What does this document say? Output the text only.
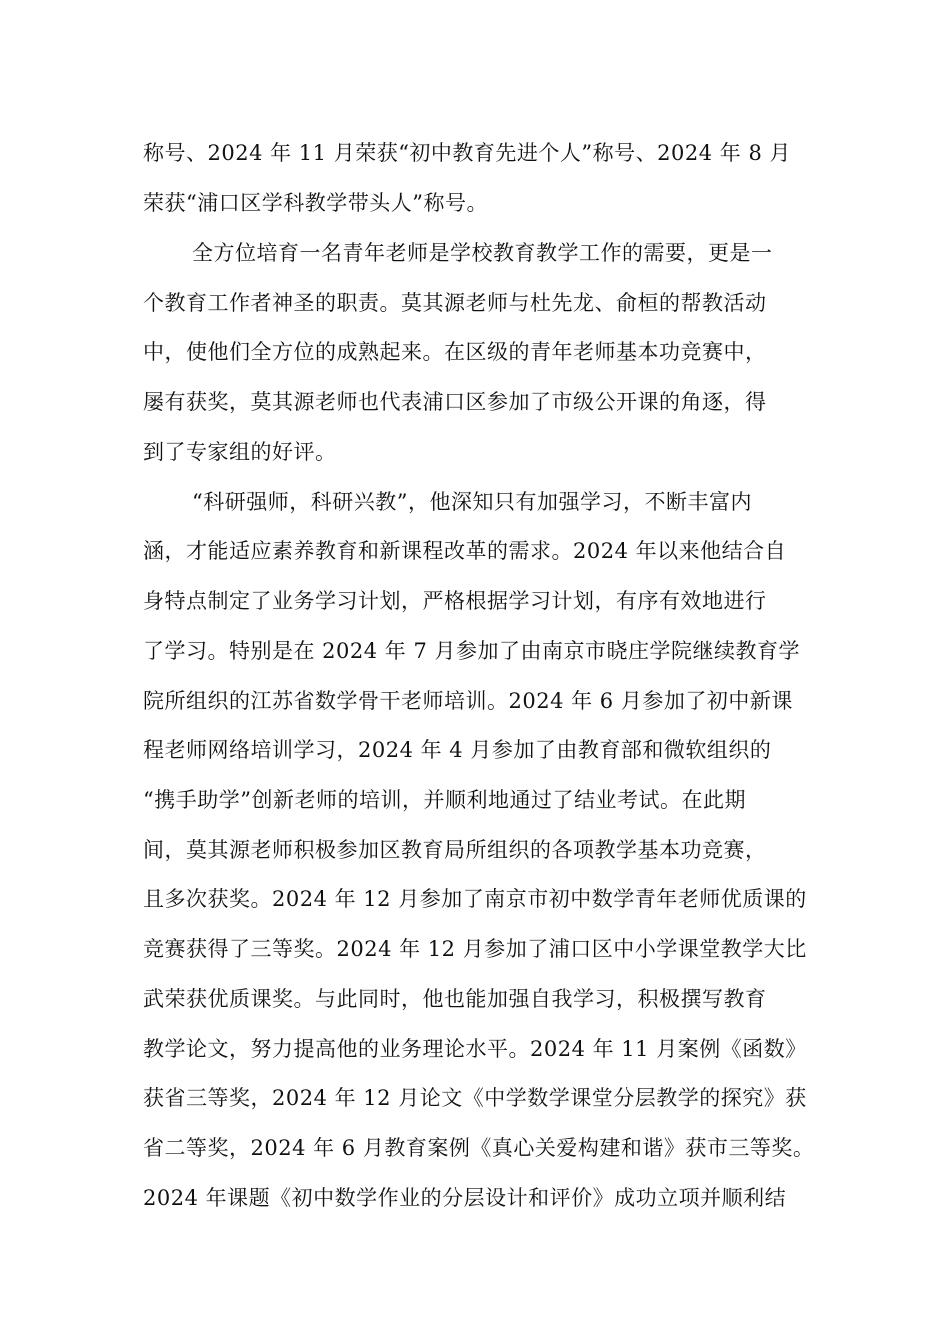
称号、2024 年 11 月荣获“初中教育先进个人”称号、2024 年 8 月
荣获“浦口区学科教学带头人”称号。
全方位培育一名青年老师是学校教育教学工作的需要，更是一
个教育工作者神圣的职责。莫其源老师与杜先龙、俞桓的帮教活动
中，使他们全方位的成熟起来。在区级的青年老师基本功竞赛中，
屡有获奖，莫其源老师也代表浦口区参加了市级公开课的角逐，得
到了专家组的好评。
“科研强师，科研兴教”，他深知只有加强学习，不断丰富内
涵，才能适应素养教育和新课程改革的需求。2024 年以来他结合自
身特点制定了业务学习计划，严格根据学习计划，有序有效地进行
了学习。特别是在 2024 年 7 月参加了由南京市晓庄学院继续教育学
院所组织的江苏省数学骨干老师培训。2024 年 6 月参加了初中新课
程老师网络培训学习，2024 年 4 月参加了由教育部和微软组织的
“携手助学”创新老师的培训，并顺利地通过了结业考试。在此期
间，莫其源老师积极参加区教育局所组织的各项教学基本功竞赛，
且多次获奖。2024 年 12 月参加了南京市初中数学青年老师优质课的
竞赛获得了三等奖。2024 年 12 月参加了浦口区中小学课堂教学大比
武荣获优质课奖。与此同时，他也能加强自我学习，积极撰写教育
教学论文，努力提高他的业务理论水平。2024 年 11 月案例《函数》
获省三等奖，2024 年 12 月论文《中学数学课堂分层教学的探究》获
省二等奖，2024 年 6 月教育案例《真心关爱构建和谐》获市三等奖。
2024 年课题《初中数学作业的分层设计和评价》成功立项并顺利结
